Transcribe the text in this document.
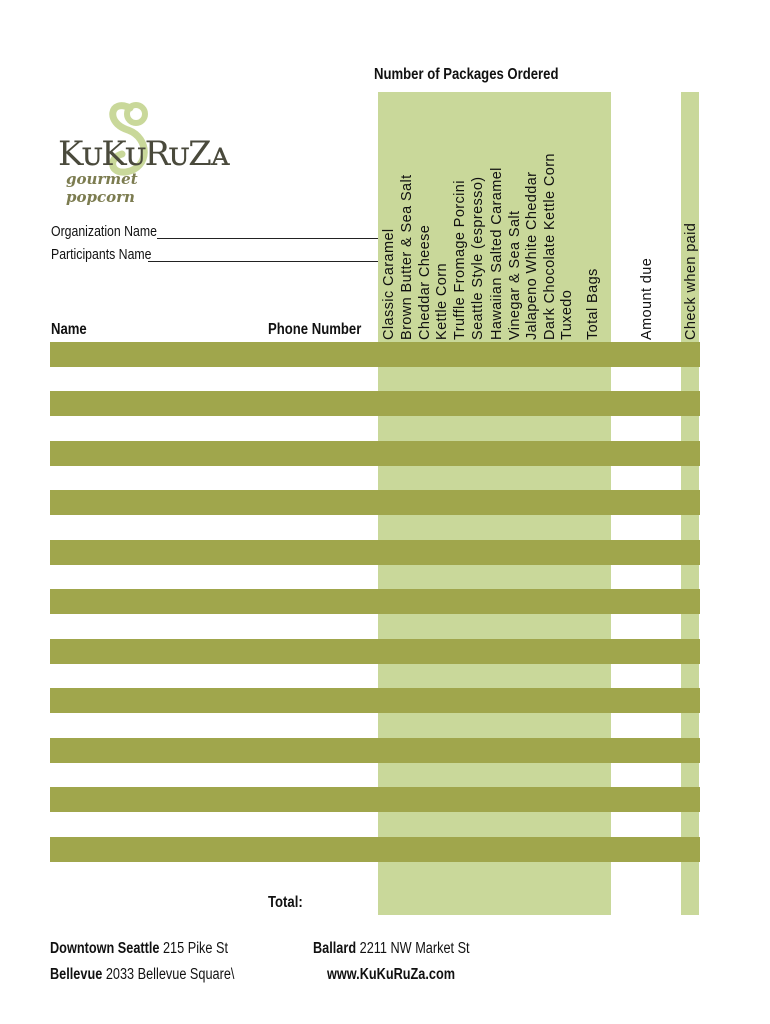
Number of Packages Ordered
KᴜKᴜRᴜZᴀ
gourmet popcorn
Organization Name
Participants Name
Name	Phone Number Classic Caramel Brown Butter & Sea Salt Cheddar Cheese Kettle Corn Truffle Fromage Porcini Seattle Style (espresso) Hawaiian Salted Caramel Vinegar & Sea Salt Jalapeno White Cheddar Dark Chocolate Kettle Corn Tuxedo Total Bags	Amount due Check when paid
Total:
Downtown Seattle 215 Pike St
Bellevue 2033 Bellevue Square\
Ballard 2211 NW Market St
www.KuKuRuZa.com
